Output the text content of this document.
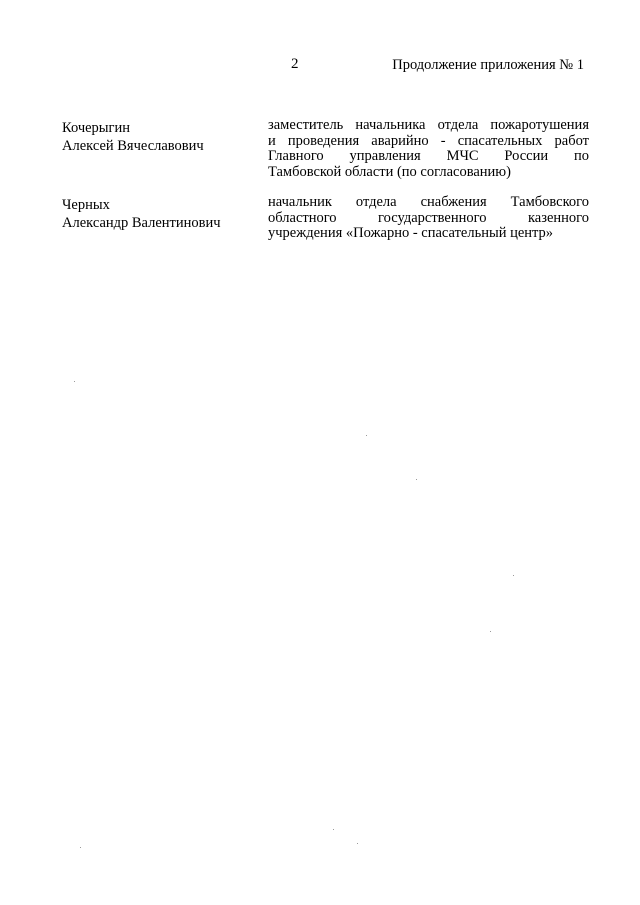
2	Продолжение приложения № 1
Кочерыгин
Алексей Вячеславович
заместитель начальника отдела пожаротушения
и проведения аварийно - спасательных работ
Главного управления МЧС России по
Тамбовской области (по согласованию)
Черных
Александр Валентинович
начальник отдела снабжения Тамбовского
областного государственного казенного
учреждения «Пожарно - спасательный центр»
